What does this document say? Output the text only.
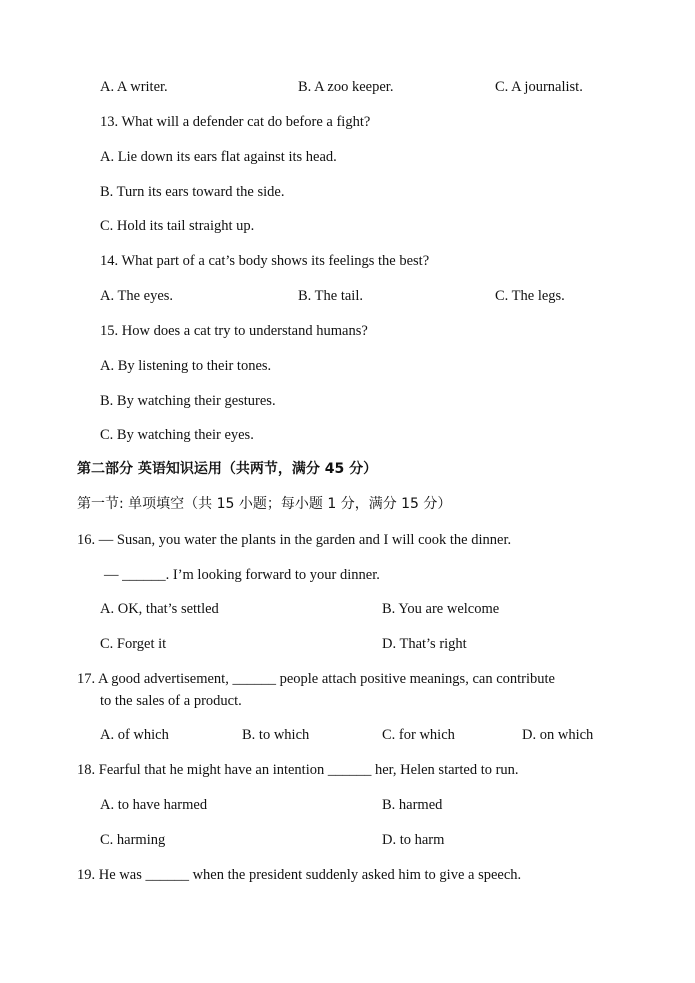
A. A writer.	B. A zoo keeper.	C. A journalist.
13. What will a defender cat do before a fight?
A. Lie down its ears flat against its head.
B. Turn its ears toward the side.
C. Hold its tail straight up.
14. What part of a cat’s body shows its feelings the best?
A. The eyes.	B. The tail.	C. The legs.
15. How does a cat try to understand humans?
A. By listening to their tones.
B. By watching their gestures.
C. By watching their eyes.
第二部分 英语知识运用（共两节，满分 45 分）
第一节: 单项填空（共 15 小题；每小题 1 分，满分 15 分）
16. — Susan, you water the plants in the garden and I will cook the dinner.
— ______. I’m looking forward to your dinner.
A. OK, that’s settled	B. You are welcome
C. Forget it	D. That’s right
17. A good advertisement, ______ people attach positive meanings, can contribute
to the sales of a product.
A. of which	B. to which	C. for which	D. on which
18. Fearful that he might have an intention ______ her, Helen started to run.
A. to have harmed	B. harmed
C. harming	D. to harm
19. He was ______ when the president suddenly asked him to give a speech.
